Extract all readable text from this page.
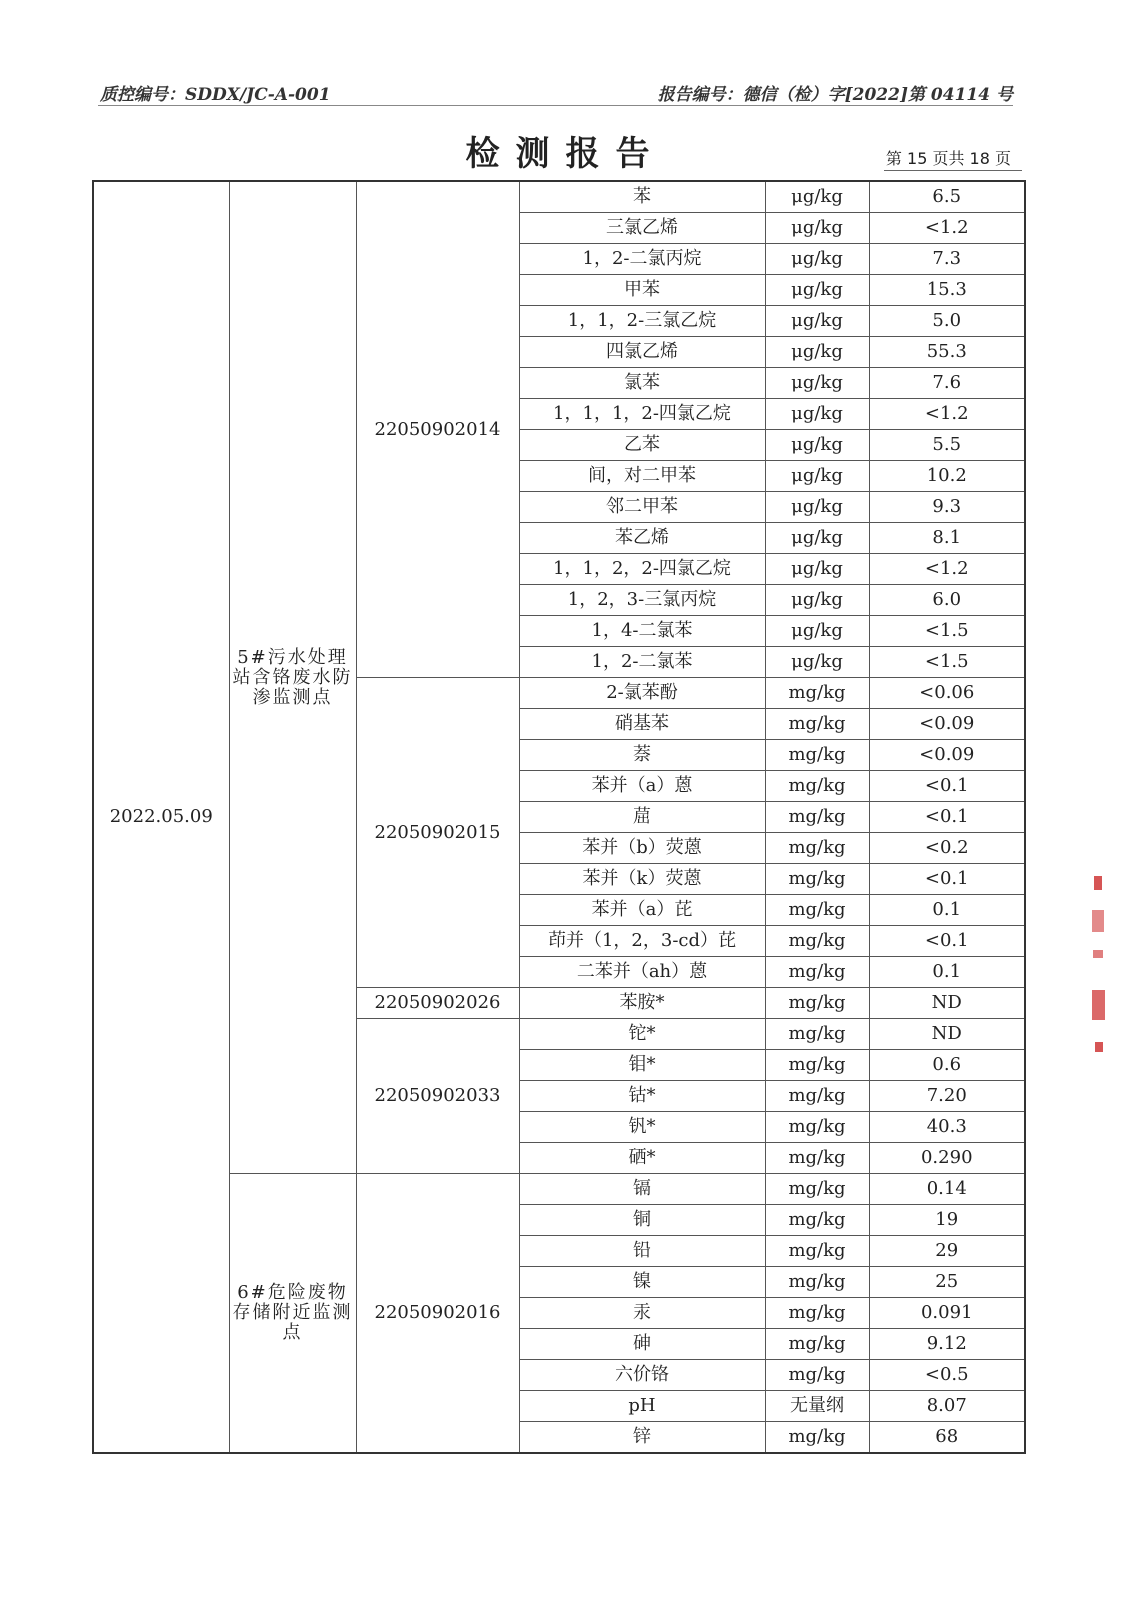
质控编号：SDDX/JC-A-001	报告编号：德信（检）字[2022]第 04114 号
检测报告	第 15 页共 18 页
2022.05.09	5#污水处理站含铬废水防渗监测点	22050902014	苯	μg/kg	6.5
			三氯乙烯	μg/kg	<1.2
			1，2-二氯丙烷	μg/kg	7.3
			甲苯	μg/kg	15.3
			1，1，2-三氯乙烷	μg/kg	5.0
			四氯乙烯	μg/kg	55.3
			氯苯	μg/kg	7.6
			1，1，1，2-四氯乙烷	μg/kg	<1.2
			乙苯	μg/kg	5.5
			间，对二甲苯	μg/kg	10.2
			邻二甲苯	μg/kg	9.3
			苯乙烯	μg/kg	8.1
			1，1，2，2-四氯乙烷	μg/kg	<1.2
			1，2，3-三氯丙烷	μg/kg	6.0
			1，4-二氯苯	μg/kg	<1.5
			1，2-二氯苯	μg/kg	<1.5
		22050902015	2-氯苯酚	mg/kg	<0.06
			硝基苯	mg/kg	<0.09
			萘	mg/kg	<0.09
			苯并（a）蒽	mg/kg	<0.1
			䓛	mg/kg	<0.1
			苯并（b）荧蒽	mg/kg	<0.2
			苯并（k）荧蒽	mg/kg	<0.1
			苯并（a）芘	mg/kg	0.1
			茚并（1，2，3-cd）芘	mg/kg	<0.1
			二苯并（ah）蒽	mg/kg	0.1
		22050902026	苯胺*	mg/kg	ND
		22050902033	铊*	mg/kg	ND
			钼*	mg/kg	0.6
			钴*	mg/kg	7.20
			钒*	mg/kg	40.3
			硒*	mg/kg	0.290
	6#危险废物存储附近监测点	22050902016	镉	mg/kg	0.14
			铜	mg/kg	19
			铅	mg/kg	29
			镍	mg/kg	25
			汞	mg/kg	0.091
			砷	mg/kg	9.12
			六价铬	mg/kg	<0.5
			pH	无量纲	8.07
			锌	mg/kg	68
